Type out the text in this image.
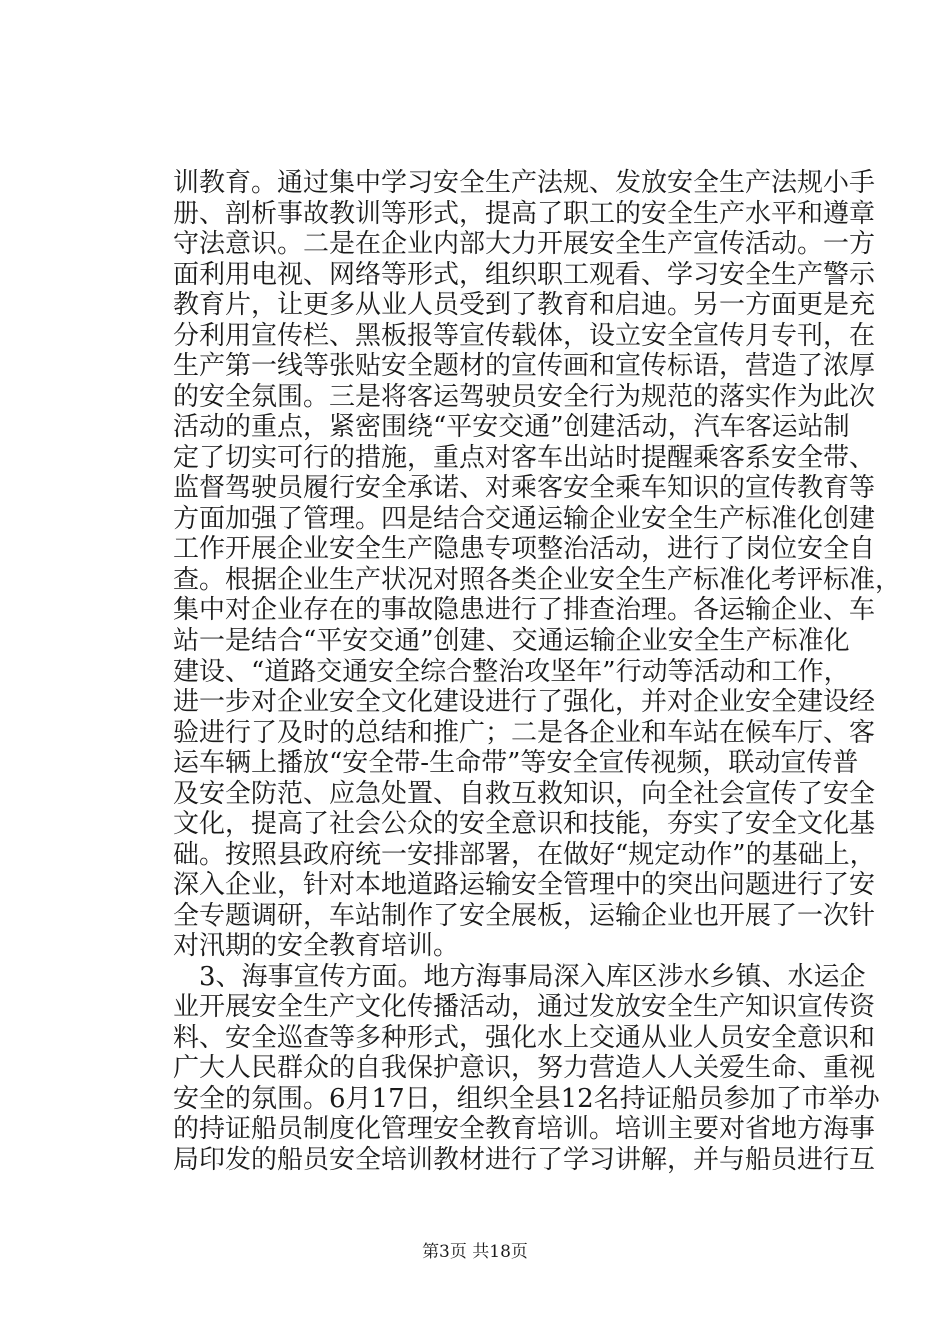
训教育。通过集中学习安全生产法规、发放安全生产法规小手
册、剖析事故教训等形式，提高了职工的安全生产水平和遵章
守法意识。二是在企业内部大力开展安全生产宣传活动。一方
面利用电视、网络等形式，组织职工观看、学习安全生产警示
教育片，让更多从业人员受到了教育和启迪。另一方面更是充
分利用宣传栏、黑板报等宣传载体，设立安全宣传月专刊，在
生产第一线等张贴安全题材的宣传画和宣传标语，营造了浓厚
的安全氛围。三是将客运驾驶员安全行为规范的落实作为此次
活动的重点，紧密围绕“平安交通”创建活动，汽车客运站制
定了切实可行的措施，重点对客车出站时提醒乘客系安全带、
监督驾驶员履行安全承诺、对乘客安全乘车知识的宣传教育等
方面加强了管理。四是结合交通运输企业安全生产标准化创建
工作开展企业安全生产隐患专项整治活动，进行了岗位安全自
查。根据企业生产状况对照各类企业安全生产标准化考评标准，
集中对企业存在的事故隐患进行了排查治理。各运输企业、车
站一是结合“平安交通”创建、交通运输企业安全生产标准化
建设、“道路交通安全综合整治攻坚年”行动等活动和工作，
进一步对企业安全文化建设进行了强化，并对企业安全建设经
验进行了及时的总结和推广；二是各企业和车站在候车厅、客
运车辆上播放“安全带-生命带”等安全宣传视频，联动宣传普
及安全防范、应急处置、自救互救知识，向全社会宣传了安全
文化，提高了社会公众的安全意识和技能，夯实了安全文化基
础。按照县政府统一安排部署，在做好“规定动作”的基础上，
深入企业，针对本地道路运输安全管理中的突出问题进行了安
全专题调研，车站制作了安全展板，运输企业也开展了一次针
对汛期的安全教育培训。
3、海事宣传方面。地方海事局深入库区涉水乡镇、水运企
业开展安全生产文化传播活动，通过发放安全生产知识宣传资
料、安全巡查等多种形式，强化水上交通从业人员安全意识和
广大人民群众的自我保护意识，努力营造人人关爱生命、重视
安全的氛围。6月17日，组织全县12名持证船员参加了市举办
的持证船员制度化管理安全教育培训。培训主要对省地方海事
局印发的船员安全培训教材进行了学习讲解，并与船员进行互
第3页 共18页
